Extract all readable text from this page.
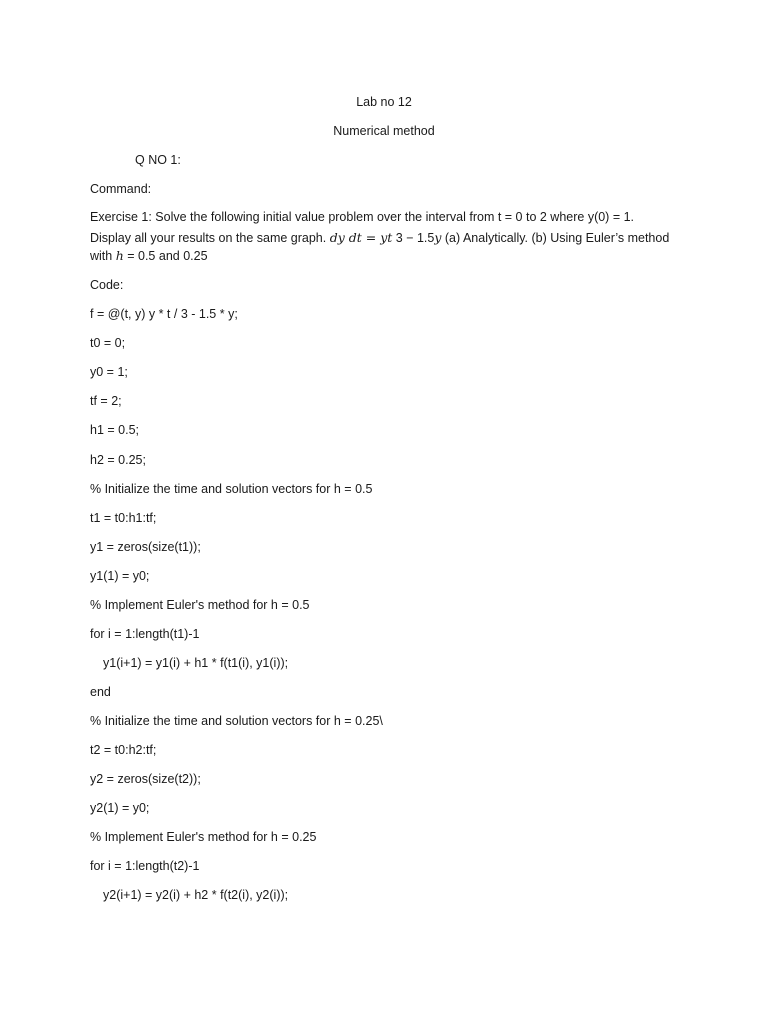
Lab no 12
Numerical method
Q NO 1:
Command:
Exercise 1: Solve the following initial value problem over the interval from t = 0 to 2 where y(0) = 1.
Display all your results on the same graph. dy dt = yt 3 − 1.5y (a) Analytically. (b) Using Euler’s method
with h = 0.5 and 0.25
Code:
f = @(t, y) y * t / 3 - 1.5 * y;
t0 = 0;
y0 = 1;
tf = 2;
h1 = 0.5;
h2 = 0.25;
% Initialize the time and solution vectors for h = 0.5
t1 = t0:h1:tf;
y1 = zeros(size(t1));
y1(1) = y0;
% Implement Euler's method for h = 0.5
for i = 1:length(t1)-1
y1(i+1) = y1(i) + h1 * f(t1(i), y1(i));
end
% Initialize the time and solution vectors for h = 0.25\
t2 = t0:h2:tf;
y2 = zeros(size(t2));
y2(1) = y0;
% Implement Euler's method for h = 0.25
for i = 1:length(t2)-1
y2(i+1) = y2(i) + h2 * f(t2(i), y2(i));
